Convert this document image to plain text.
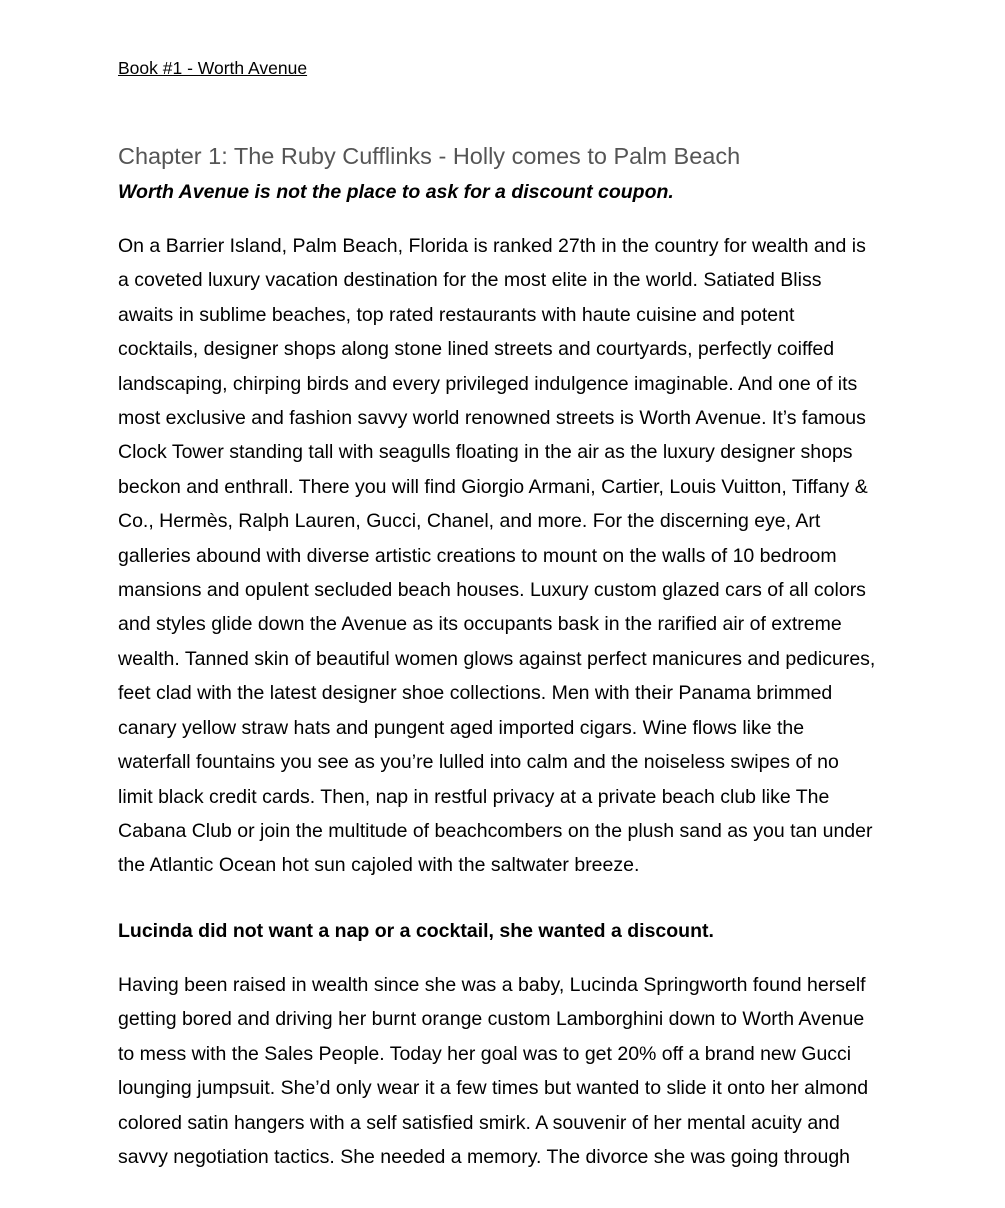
Book #1 - Worth Avenue
Chapter 1: The Ruby Cufflinks - Holly comes to Palm Beach
Worth Avenue is not the place to ask for a discount coupon.
On a Barrier Island, Palm Beach, Florida is ranked 27th in the country for wealth and is
a coveted luxury vacation destination for the most elite in the world. Satiated Bliss
awaits in sublime beaches, top rated restaurants with haute cuisine and potent
cocktails, designer shops along stone lined streets and courtyards, perfectly coiffed
landscaping, chirping birds and every privileged indulgence imaginable. And one of its
most exclusive and fashion savvy world renowned streets is Worth Avenue. It’s famous
Clock Tower standing tall with seagulls floating in the air as the luxury designer shops
beckon and enthrall. There you will find Giorgio Armani, Cartier, Louis Vuitton, Tiffany &
Co., Hermès, Ralph Lauren, Gucci, Chanel, and more. For the discerning eye, Art
galleries abound with diverse artistic creations to mount on the walls of 10 bedroom
mansions and opulent secluded beach houses. Luxury custom glazed cars of all colors
and styles glide down the Avenue as its occupants bask in the rarified air of extreme
wealth. Tanned skin of beautiful women glows against perfect manicures and pedicures,
feet clad with the latest designer shoe collections. Men with their Panama brimmed
canary yellow straw hats and pungent aged imported cigars. Wine flows like the
waterfall fountains you see as you’re lulled into calm and the noiseless swipes of no
limit black credit cards. Then, nap in restful privacy at a private beach club like The
Cabana Club or join the multitude of beachcombers on the plush sand as you tan under
the Atlantic Ocean hot sun cajoled with the saltwater breeze.
Lucinda did not want a nap or a cocktail, she wanted a discount.
Having been raised in wealth since she was a baby, Lucinda Springworth found herself
getting bored and driving her burnt orange custom Lamborghini down to Worth Avenue
to mess with the Sales People. Today her goal was to get 20% off a brand new Gucci
lounging jumpsuit. She’d only wear it a few times but wanted to slide it onto her almond
colored satin hangers with a self satisfied smirk. A souvenir of her mental acuity and
savvy negotiation tactics. She needed a memory. The divorce she was going through
